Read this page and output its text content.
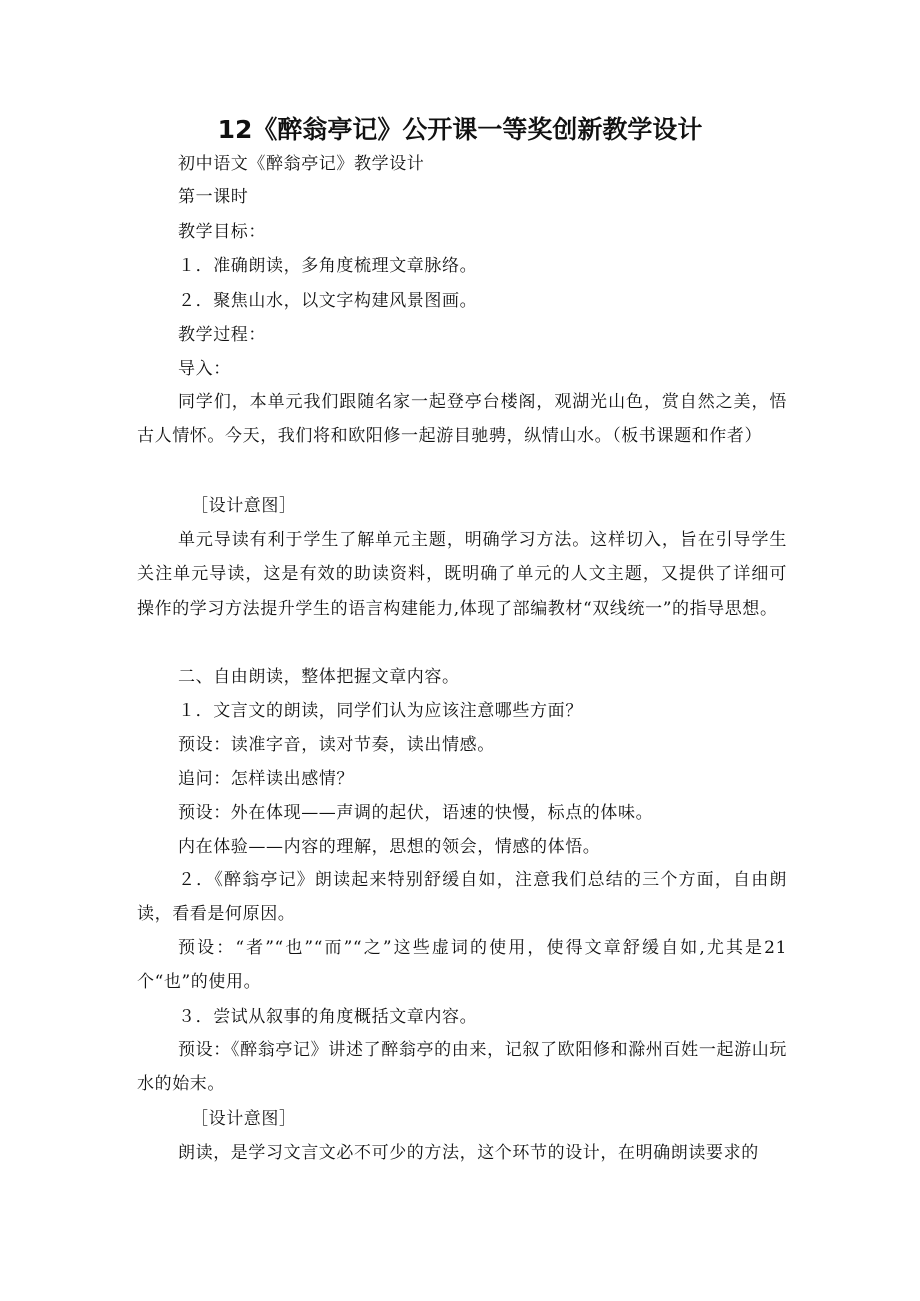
12《醉翁亭记》公开课一等奖创新教学设计
初中语文《醉翁亭记》教学设计
第一课时
教学目标：
１．准确朗读，多角度梳理文章脉络。
２．聚焦山水，以文字构建风景图画。
教学过程：
导入：
同学们，本单元我们跟随名家一起登亭台楼阁，观湖光山色，赏自然之美，悟古人情怀。今天，我们将和欧阳修一起游目驰骋，纵情山水。（板书课题和作者）
［设计意图］
单元导读有利于学生了解单元主题，明确学习方法。这样切入，旨在引导学生关注单元导读，这是有效的助读资料，既明确了单元的人文主题，又提供了详细可操作的学习方法提升学生的语言构建能力,体现了部编教材“双线统一”的指导思想。
二、自由朗读，整体把握文章内容。
１．文言文的朗读，同学们认为应该注意哪些方面？
预设：读准字音，读对节奏，读出情感。
追问：怎样读出感情？
预设：外在体现——声调的起伏，语速的快慢，标点的体味。
内在体验——内容的理解，思想的领会，情感的体悟。
２．《醉翁亭记》朗读起来特别舒缓自如，注意我们总结的三个方面，自由朗读，看看是何原因。
预设：“者”“也”“而”“之”这些虚词的使用，使得文章舒缓自如,尤其是21个“也”的使用。
３．尝试从叙事的角度概括文章内容。
预设：《醉翁亭记》讲述了醉翁亭的由来，记叙了欧阳修和滁州百姓一起游山玩水的始末。
［设计意图］
朗读，是学习文言文必不可少的方法，这个环节的设计，在明确朗读要求的
